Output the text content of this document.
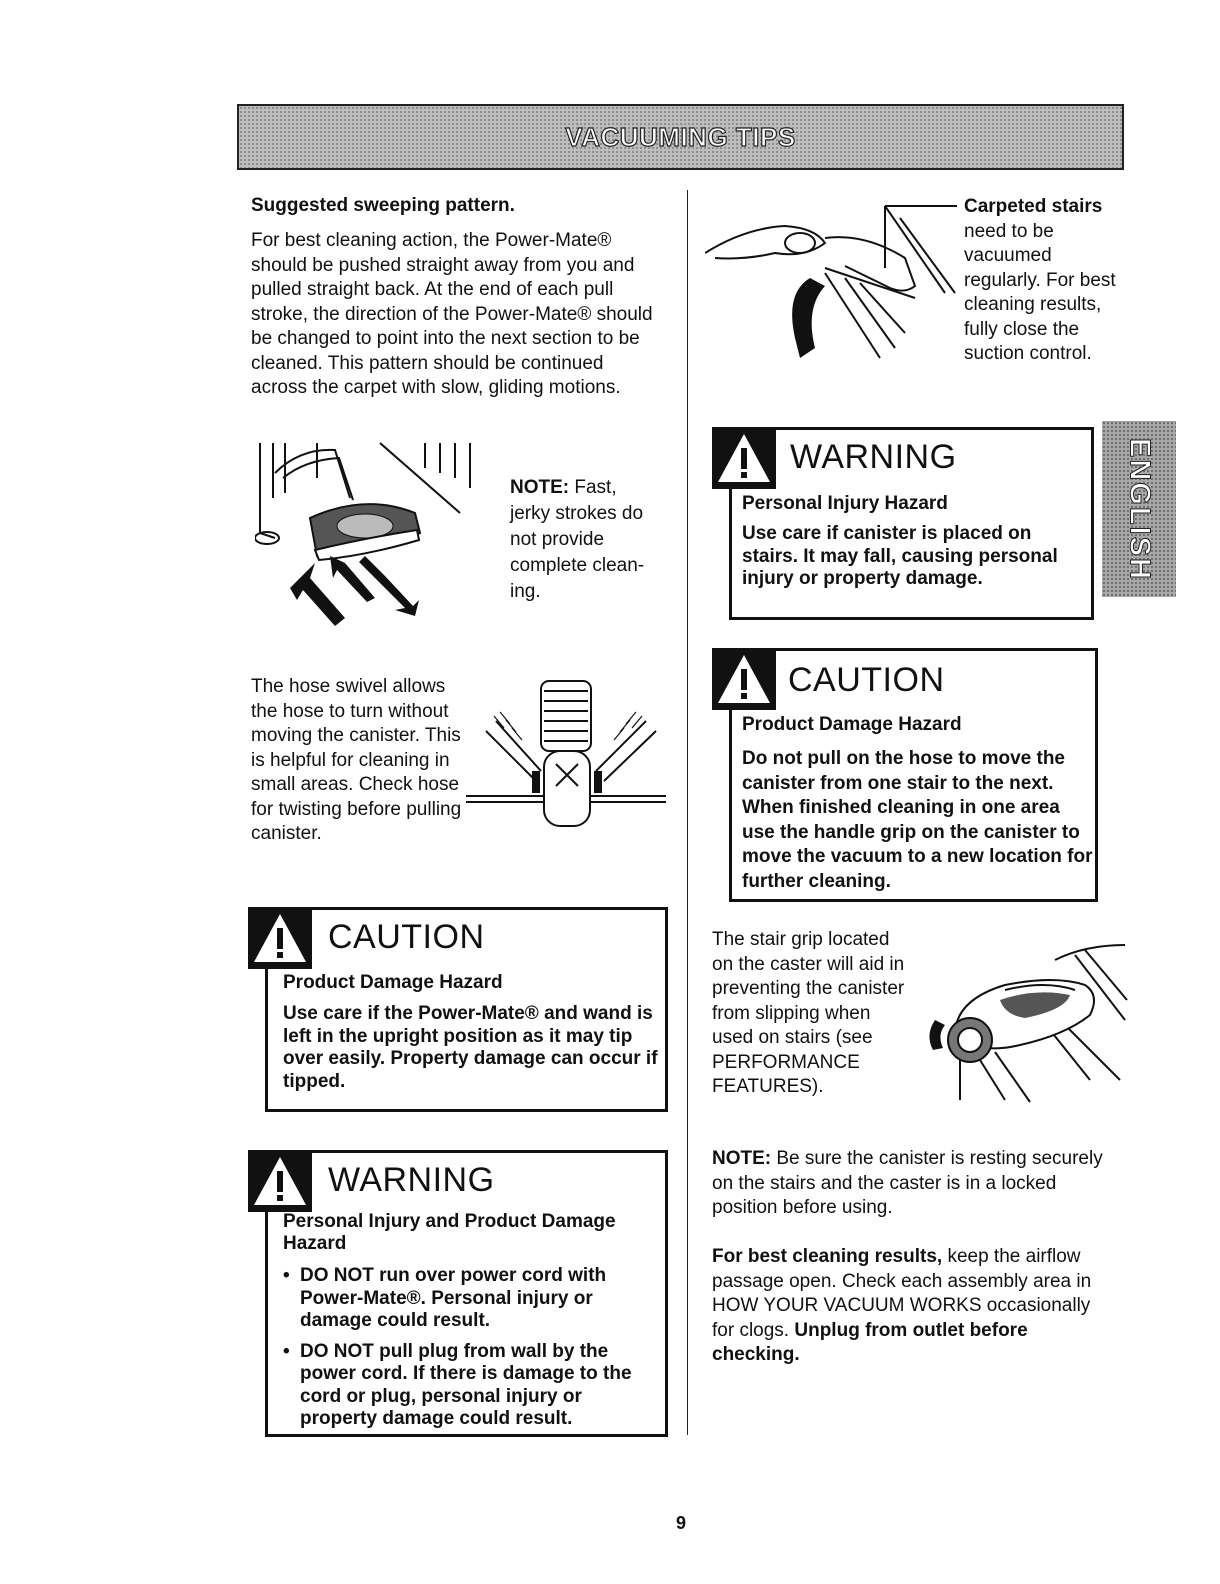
VACUUMING TIPS
ENGLISH
Suggested sweeping pattern.
For best cleaning action, the Power-Mate® should be pushed straight away from you and pulled straight back. At the end of each pull stroke, the direction of the Power-Mate® should be changed to point into the next section to be cleaned. This pattern should be continued across the carpet with slow, gliding motions.
NOTE: Fast, jerky strokes do not provide complete clean-ing.
The hose swivel allows the hose to turn without moving the canister. This is helpful for cleaning in small areas. Check hose for twisting before pulling canister.
CAUTION
Product Damage Hazard
Use care if the Power-Mate® and wand is left in the upright position as it may tip over easily. Property damage can occur if tipped.
WARNING
Personal Injury and Product Damage Hazard
• DO NOT run over power cord with Power-Mate®. Personal injury or damage could result.
• DO NOT pull plug from wall by the power cord. If there is damage to the cord or plug, personal injury or property damage could result.
Carpeted stairs
need to be vacuumed regularly. For best cleaning results, fully close the suction control.
WARNING
Personal Injury Hazard
Use care if canister is placed on stairs. It may fall, causing personal injury or property damage.
CAUTION
Product Damage Hazard
Do not pull on the hose to move the canister from one stair to the next. When finished cleaning in one area use the handle grip on the canister to move the vacuum to a new location for further cleaning.
The stair grip located on the caster will aid in preventing the canister from slipping when used on stairs (see PERFORMANCE FEATURES).
NOTE: Be sure the canister is resting securely on the stairs and the caster is in a locked position before using.
For best cleaning results, keep the airflow passage open. Check each assembly area in HOW YOUR VACUUM WORKS occasionally for clogs. Unplug from outlet before checking.
9
